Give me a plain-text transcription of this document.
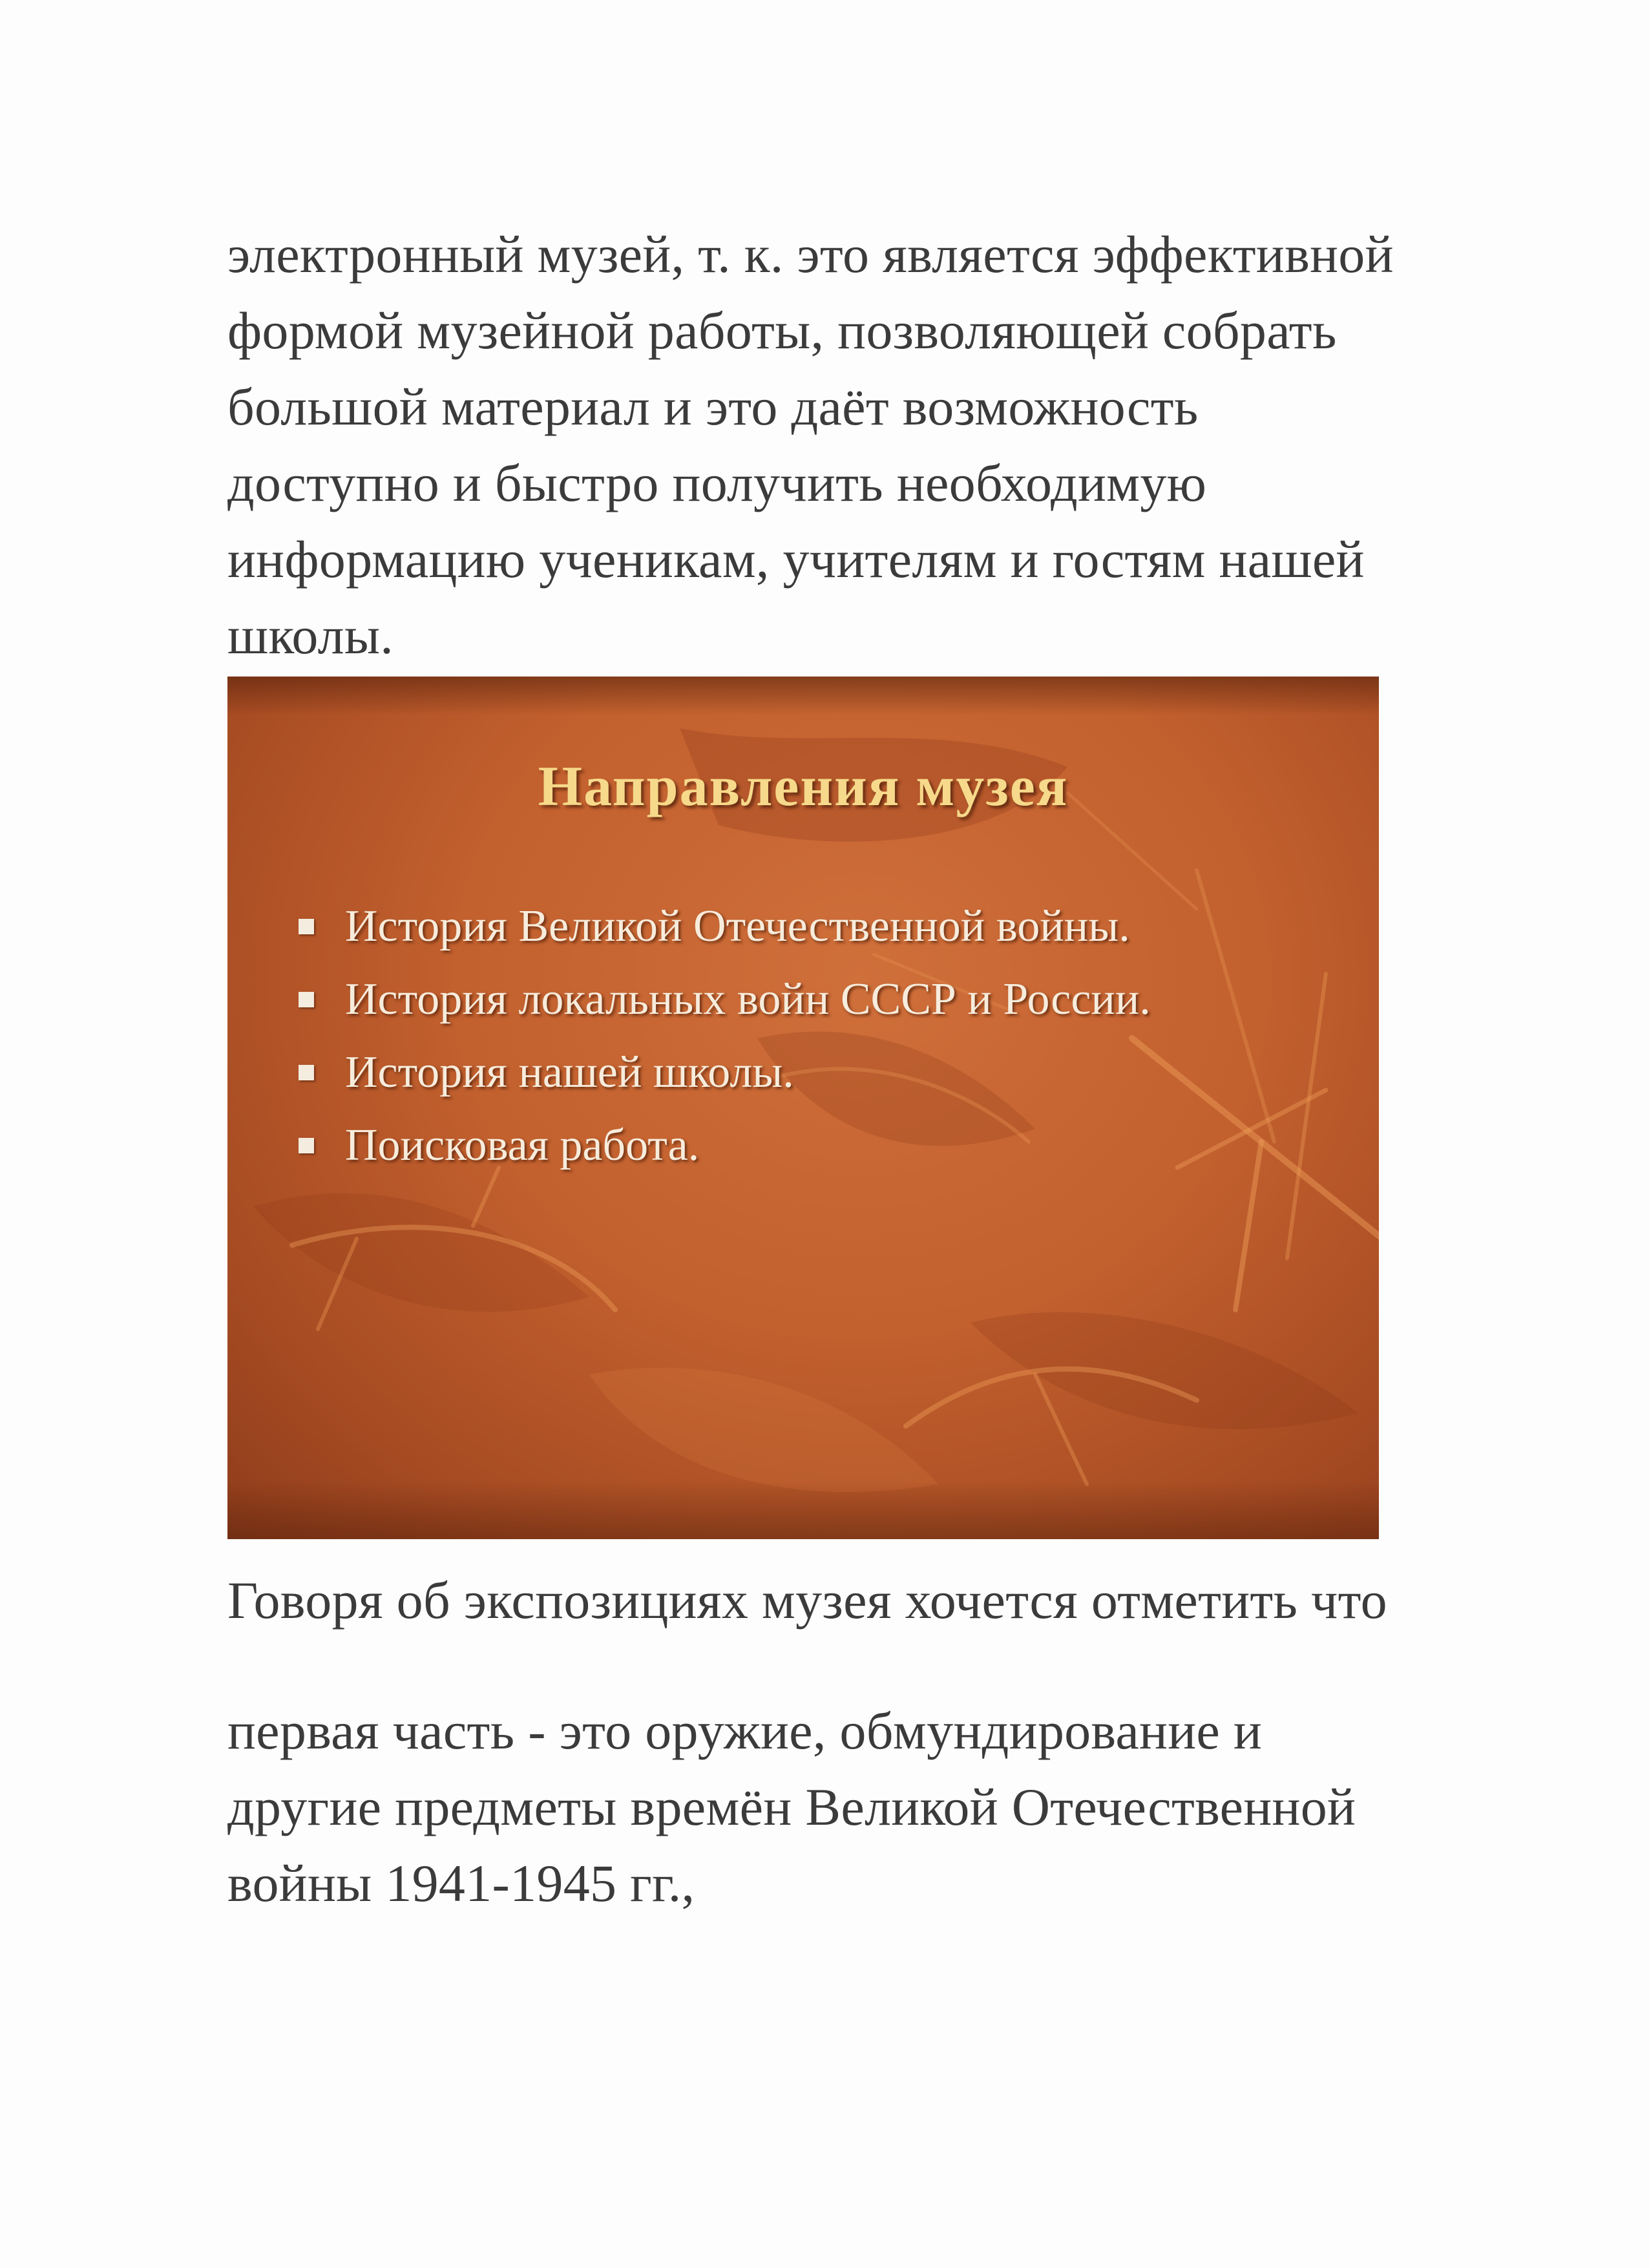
электронный музей, т. к. это является эффективной
формой музейной работы, позволяющей собрать
большой материал и это даёт возможность
доступно и быстро получить необходимую
информацию ученикам, учителям и гостям нашей
школы.

Направления музея
История Великой Отечественной войны.
История локальных войн СССР и России.
История нашей школы.
Поисковая работа.

Говоря об экспозициях музея хочется отметить что

первая часть - это оружие, обмундирование и
другие предметы времён Великой Отечественной
войны 1941-1945 гг.,
